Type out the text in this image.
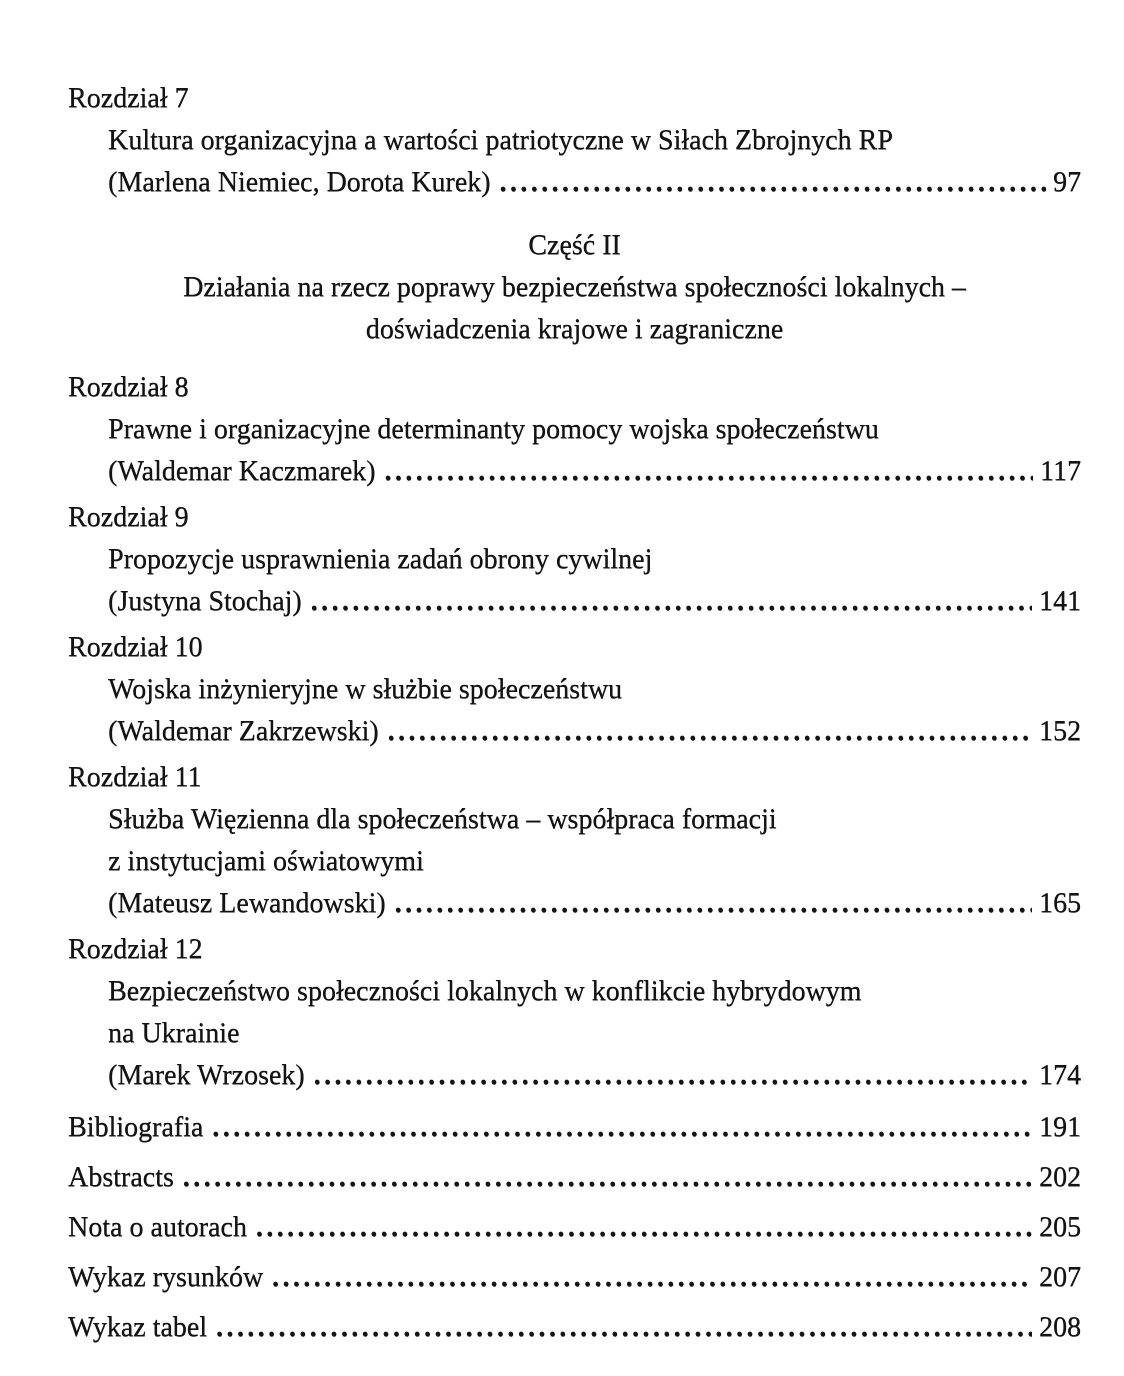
Rozdział 7
Kultura organizacyjna a wartości patriotyczne w Siłach Zbrojnych RP
(Marlena Niemiec, Dorota Kurek) .....	97
Część II
Działania na rzecz poprawy bezpieczeństwa społeczności lokalnych –
doświadczenia krajowe i zagraniczne
Rozdział 8
Prawne i organizacyjne determinanty pomocy wojska społeczeństwu
(Waldemar Kaczmarek) .....	117
Rozdział 9
Propozycje usprawnienia zadań obrony cywilnej
(Justyna Stochaj) .....	141
Rozdział 10
Wojska inżynieryjne w służbie społeczeństwu
(Waldemar Zakrzewski) .....	152
Rozdział 11
Służba Więzienna dla społeczeństwa – współpraca formacji
z instytucjami oświatowymi
(Mateusz Lewandowski) .....	165
Rozdział 12
Bezpieczeństwo społeczności lokalnych w konflikcie hybrydowym
na Ukrainie
(Marek Wrzosek) .....	174
Bibliografia .....	191
Abstracts .....	202
Nota o autorach .....	205
Wykaz rysunków .....	207
Wykaz tabel .....	208
